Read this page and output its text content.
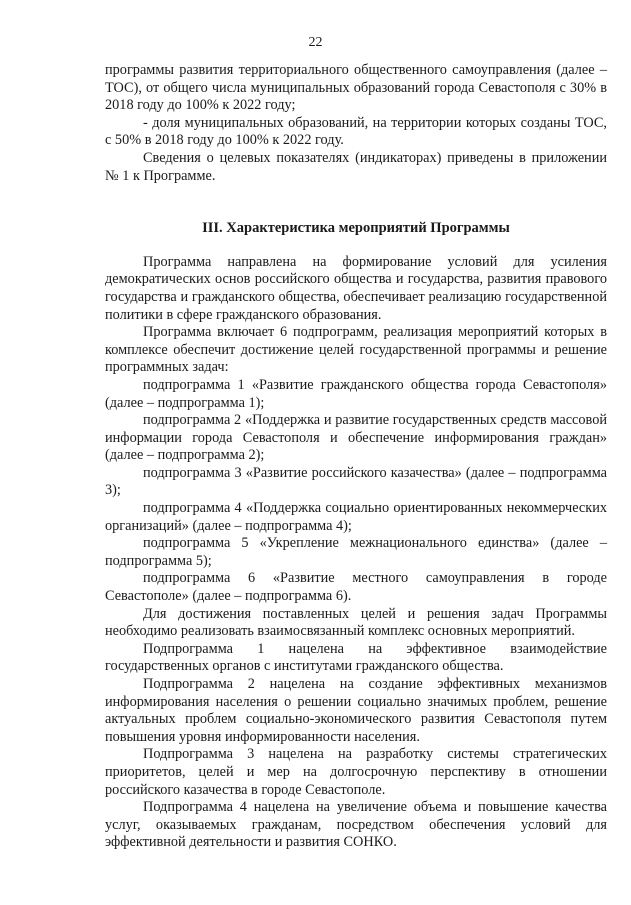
22

программы развития территориального общественного самоуправления (далее – ТОС), от общего числа муниципальных образований города Севастополя с 30% в 2018 году до 100% к 2022 году;

- доля муниципальных образований, на территории которых созданы ТОС, с 50% в 2018 году до 100% к 2022 году.

Сведения о целевых показателях (индикаторах) приведены в приложении № 1 к Программе.

III. Характеристика мероприятий Программы

Программа направлена на формирование условий для усиления демократических основ российского общества и государства, развития правового государства и гражданского общества, обеспечивает реализацию государственной политики в сфере гражданского образования.

Программа включает 6 подпрограмм, реализация мероприятий которых в комплексе обеспечит достижение целей государственной программы и решение программных задач:

подпрограмма 1 «Развитие гражданского общества города Севастополя» (далее – подпрограмма 1);

подпрограмма 2 «Поддержка и развитие государственных средств массовой информации города Севастополя и обеспечение информирования граждан» (далее – подпрограмма 2);

подпрограмма 3 «Развитие российского казачества» (далее – подпрограмма 3);

подпрограмма 4 «Поддержка социально ориентированных некоммерческих организаций» (далее – подпрограмма 4);

подпрограмма 5 «Укрепление межнационального единства» (далее – подпрограмма 5);

подпрограмма 6 «Развитие местного самоуправления в городе Севастополе» (далее – подпрограмма 6).

Для достижения поставленных целей и решения задач Программы необходимо реализовать взаимосвязанный комплекс основных мероприятий.

Подпрограмма 1 нацелена на эффективное взаимодействие государственных органов с институтами гражданского общества.

Подпрограмма 2 нацелена на создание эффективных механизмов информирования населения о решении социально значимых проблем, решение актуальных проблем социально-экономического развития Севастополя путем повышения уровня информированности населения.

Подпрограмма 3 нацелена на разработку системы стратегических приоритетов, целей и мер на долгосрочную перспективу в отношении российского казачества в городе Севастополе.

Подпрограмма 4 нацелена на увеличение объема и повышение качества услуг, оказываемых гражданам, посредством обеспечения условий для эффективной деятельности и развития СОНКО.
